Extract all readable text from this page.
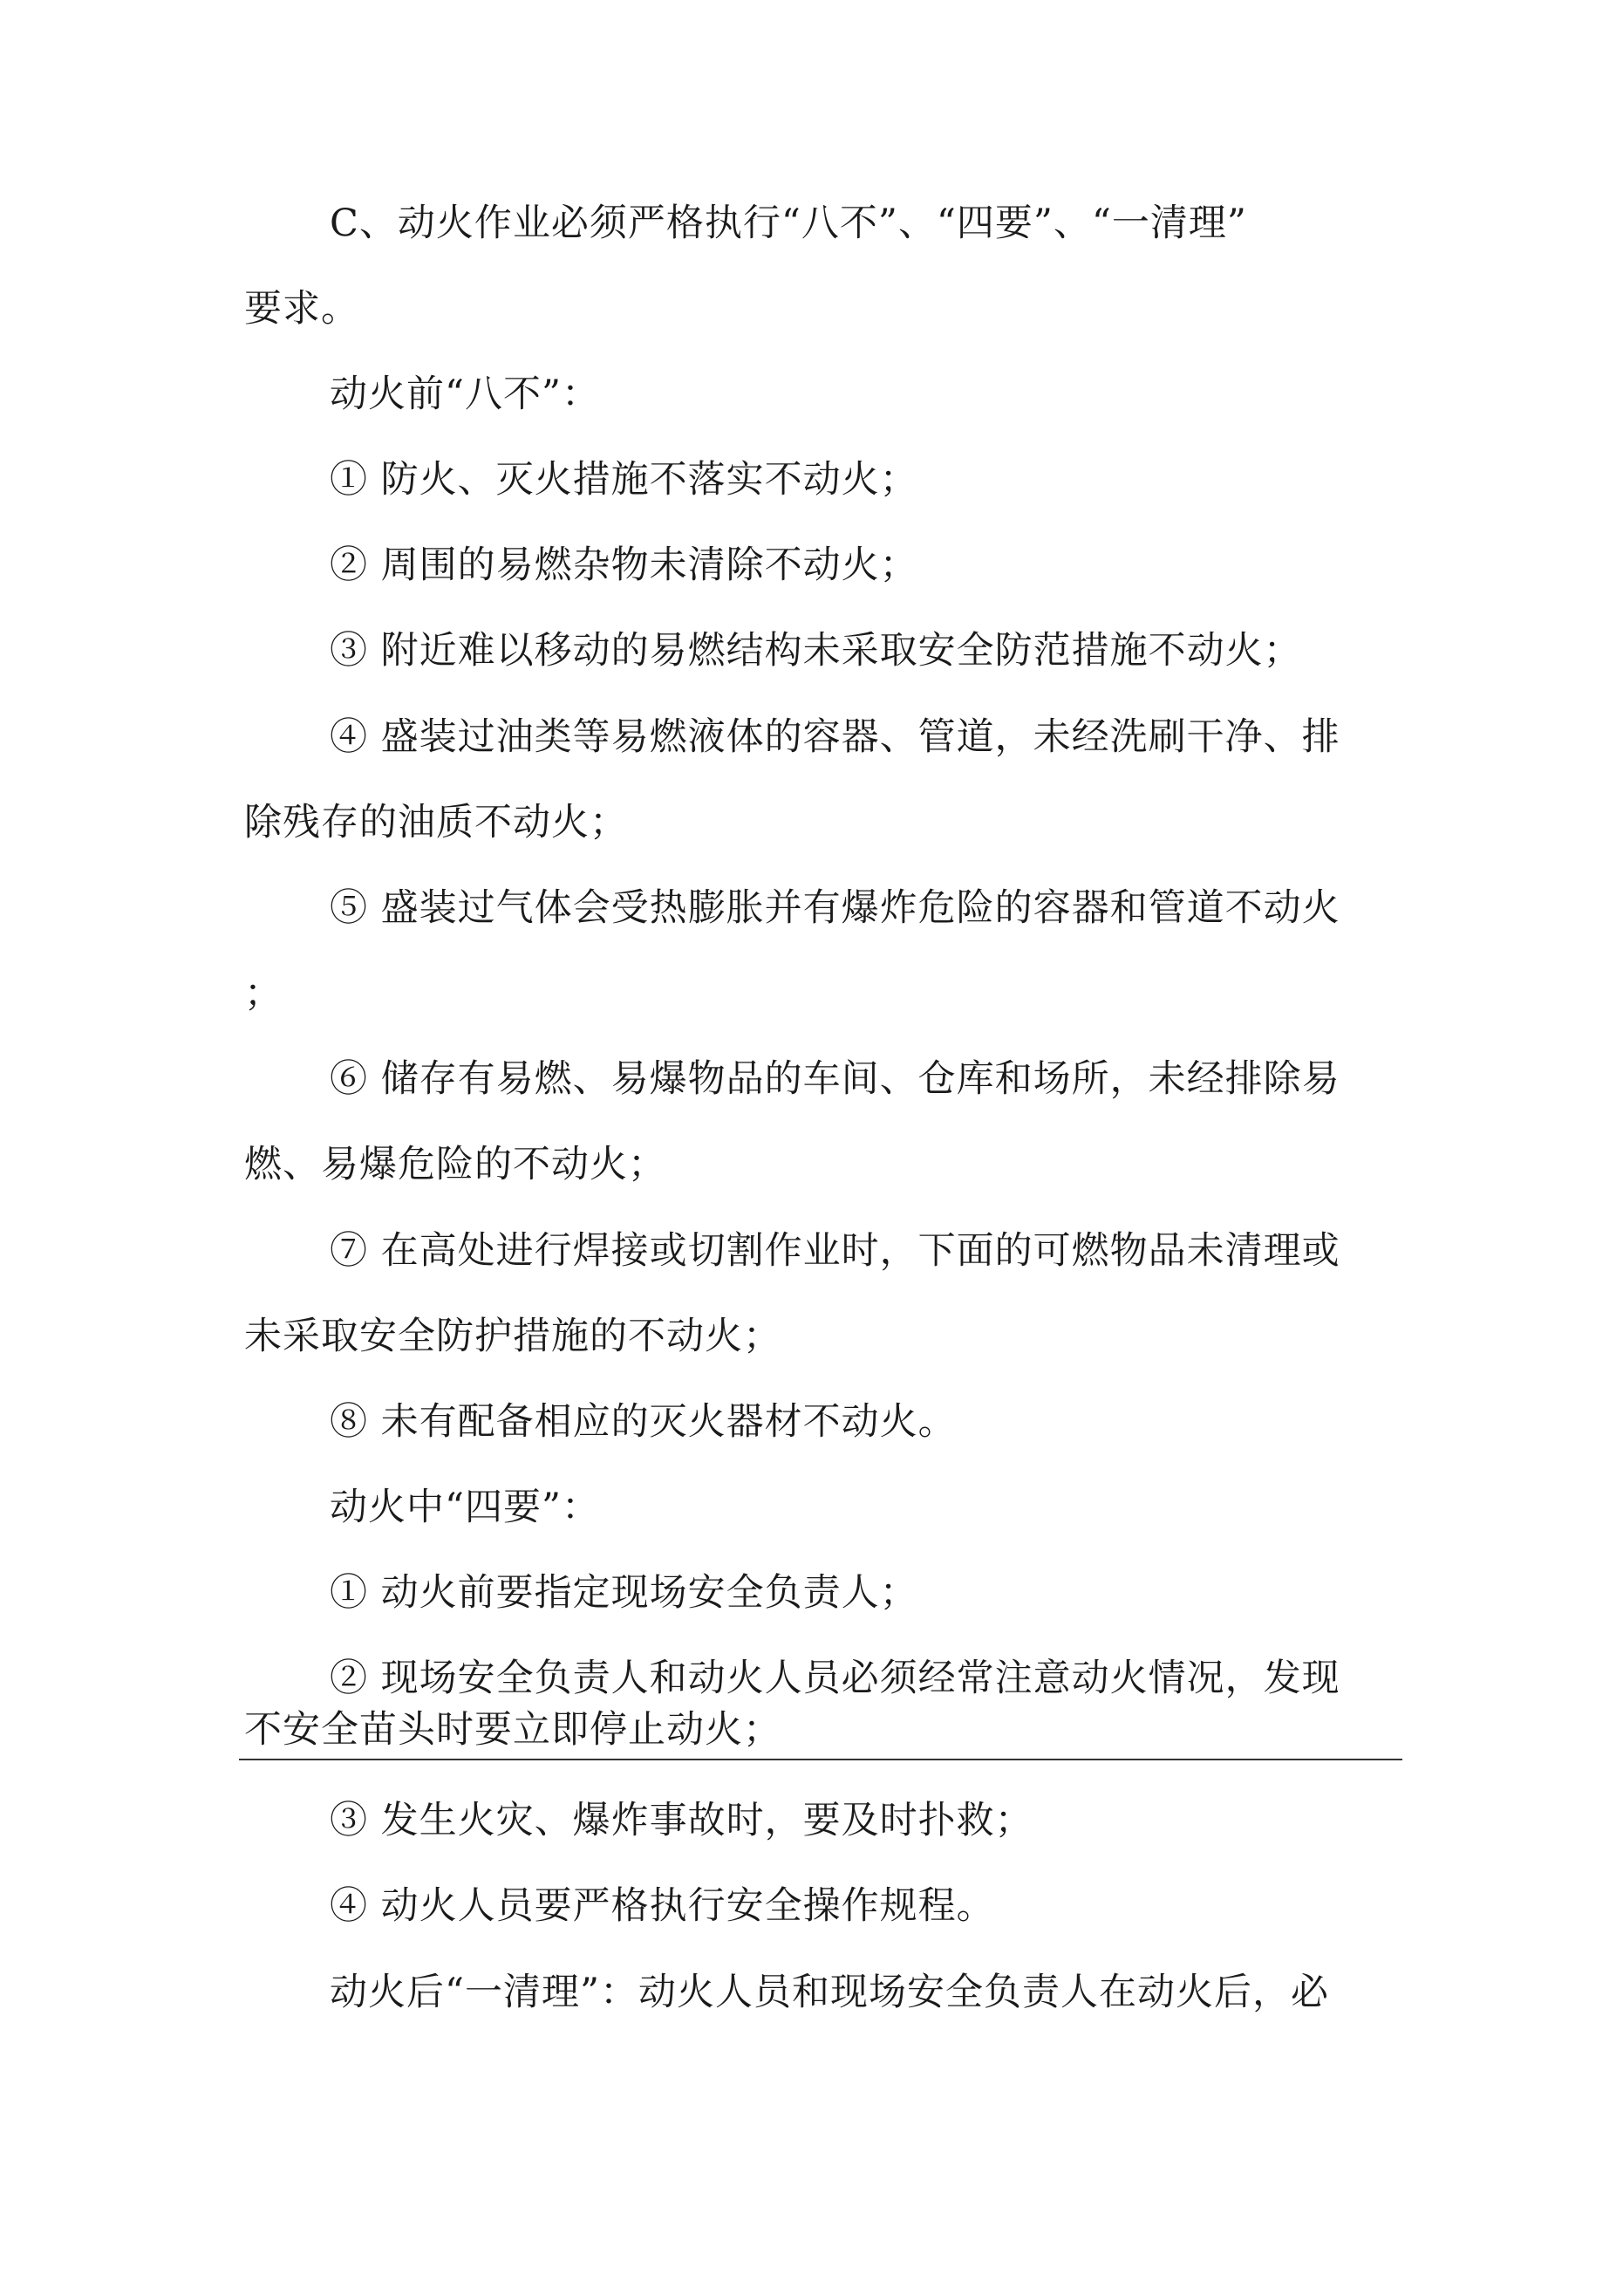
C、动火作业必须严格执行“八不”、“四要”、“一清理”
要求。
动火前“八不”：
① 防火、灭火措施不落实不动火；
② 周围的易燃杂物未清除不动火；
③ 附近难以移动的易燃结构未采取安全防范措施不动火；
④ 盛装过油类等易燃液体的容器、管道，未经洗刷干净、排
除残存的油质不动火；
⑤ 盛装过气体会受热膨胀并有爆炸危险的容器和管道不动火
；
⑥ 储存有易燃、易爆物品的车间、仓库和场所，未经排除易
燃、易爆危险的不动火；
⑦ 在高处进行焊接或切割作业时，下面的可燃物品未清理或
未采取安全防护措施的不动火；
⑧ 未有配备相应的灭火器材不动火。
动火中“四要”：
① 动火前要指定现场安全负责人；
② 现场安全负责人和动火人员必须经常注意动火情况，发现
不安全苗头时要立即停止动火；
③ 发生火灾、爆炸事故时，要及时扑救；
④ 动火人员要严格执行安全操作规程。
动火后“一清理”：动火人员和现场安全负责人在动火后，必
